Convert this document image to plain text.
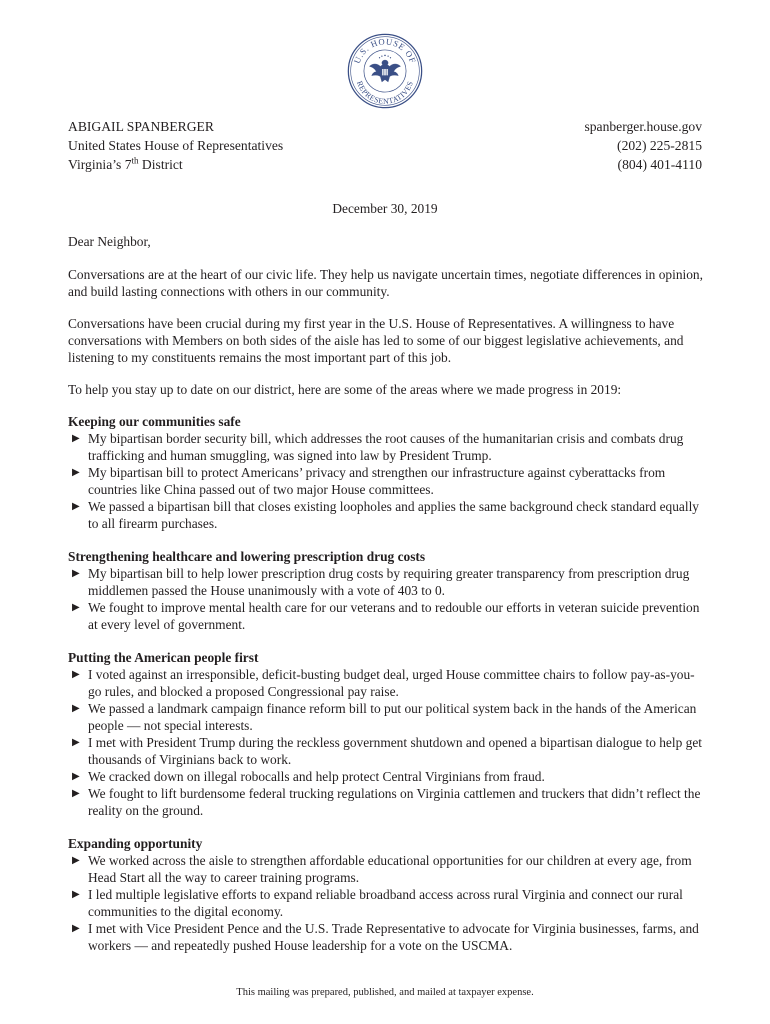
U.S. HOUSE OF
REPRESENTATIVES
ABIGAIL SPANBERGER
United States House of Representatives
Virginia’s 7th District
spanberger.house.gov
(202) 225-2815
(804) 401-4110
December 30, 2019

Dear Neighbor,

Conversations are at the heart of our civic life. They help us navigate uncertain times, negotiate differences in opinion, and build lasting connections with others in our community.

Conversations have been crucial during my first year in the U.S. House of Representatives. A willingness to have conversations with Members on both sides of the aisle has led to some of our biggest legislative achievements, and listening to my constituents remains the most important part of this job.

To help you stay up to date on our district, here are some of the areas where we made progress in 2019:

Keeping our communities safe
▶ My bipartisan border security bill, which addresses the root causes of the humanitarian crisis and combats drug trafficking and human smuggling, was signed into law by President Trump.
▶ My bipartisan bill to protect Americans’ privacy and strengthen our infrastructure against cyberattacks from countries like China passed out of two major House committees.
▶ We passed a bipartisan bill that closes existing loopholes and applies the same background check standard equally to all firearm purchases.
Strengthening healthcare and lowering prescription drug costs
▶ My bipartisan bill to help lower prescription drug costs by requiring greater transparency from prescription drug middlemen passed the House unanimously with a vote of 403 to 0.
▶ We fought to improve mental health care for our veterans and to redouble our efforts in veteran suicide prevention at every level of government.
Putting the American people first
▶ I voted against an irresponsible, deficit-busting budget deal, urged House committee chairs to follow pay-as-you-go rules, and blocked a proposed Congressional pay raise.
▶ We passed a landmark campaign finance reform bill to put our political system back in the hands of the American people — not special interests.
▶ I met with President Trump during the reckless government shutdown and opened a bipartisan dialogue to help get thousands of Virginians back to work.
▶ We cracked down on illegal robocalls and help protect Central Virginians from fraud.
▶ We fought to lift burdensome federal trucking regulations on Virginia cattlemen and truckers that didn’t reflect the reality on the ground.
Expanding opportunity
▶ We worked across the aisle to strengthen affordable educational opportunities for our children at every age, from Head Start all the way to career training programs.
▶ I led multiple legislative efforts to expand reliable broadband access across rural Virginia and connect our rural communities to the digital economy.
▶ I met with Vice President Pence and the U.S. Trade Representative to advocate for Virginia businesses, farms, and workers — and repeatedly pushed House leadership for a vote on the USCMA.
This mailing was prepared, published, and mailed at taxpayer expense.
